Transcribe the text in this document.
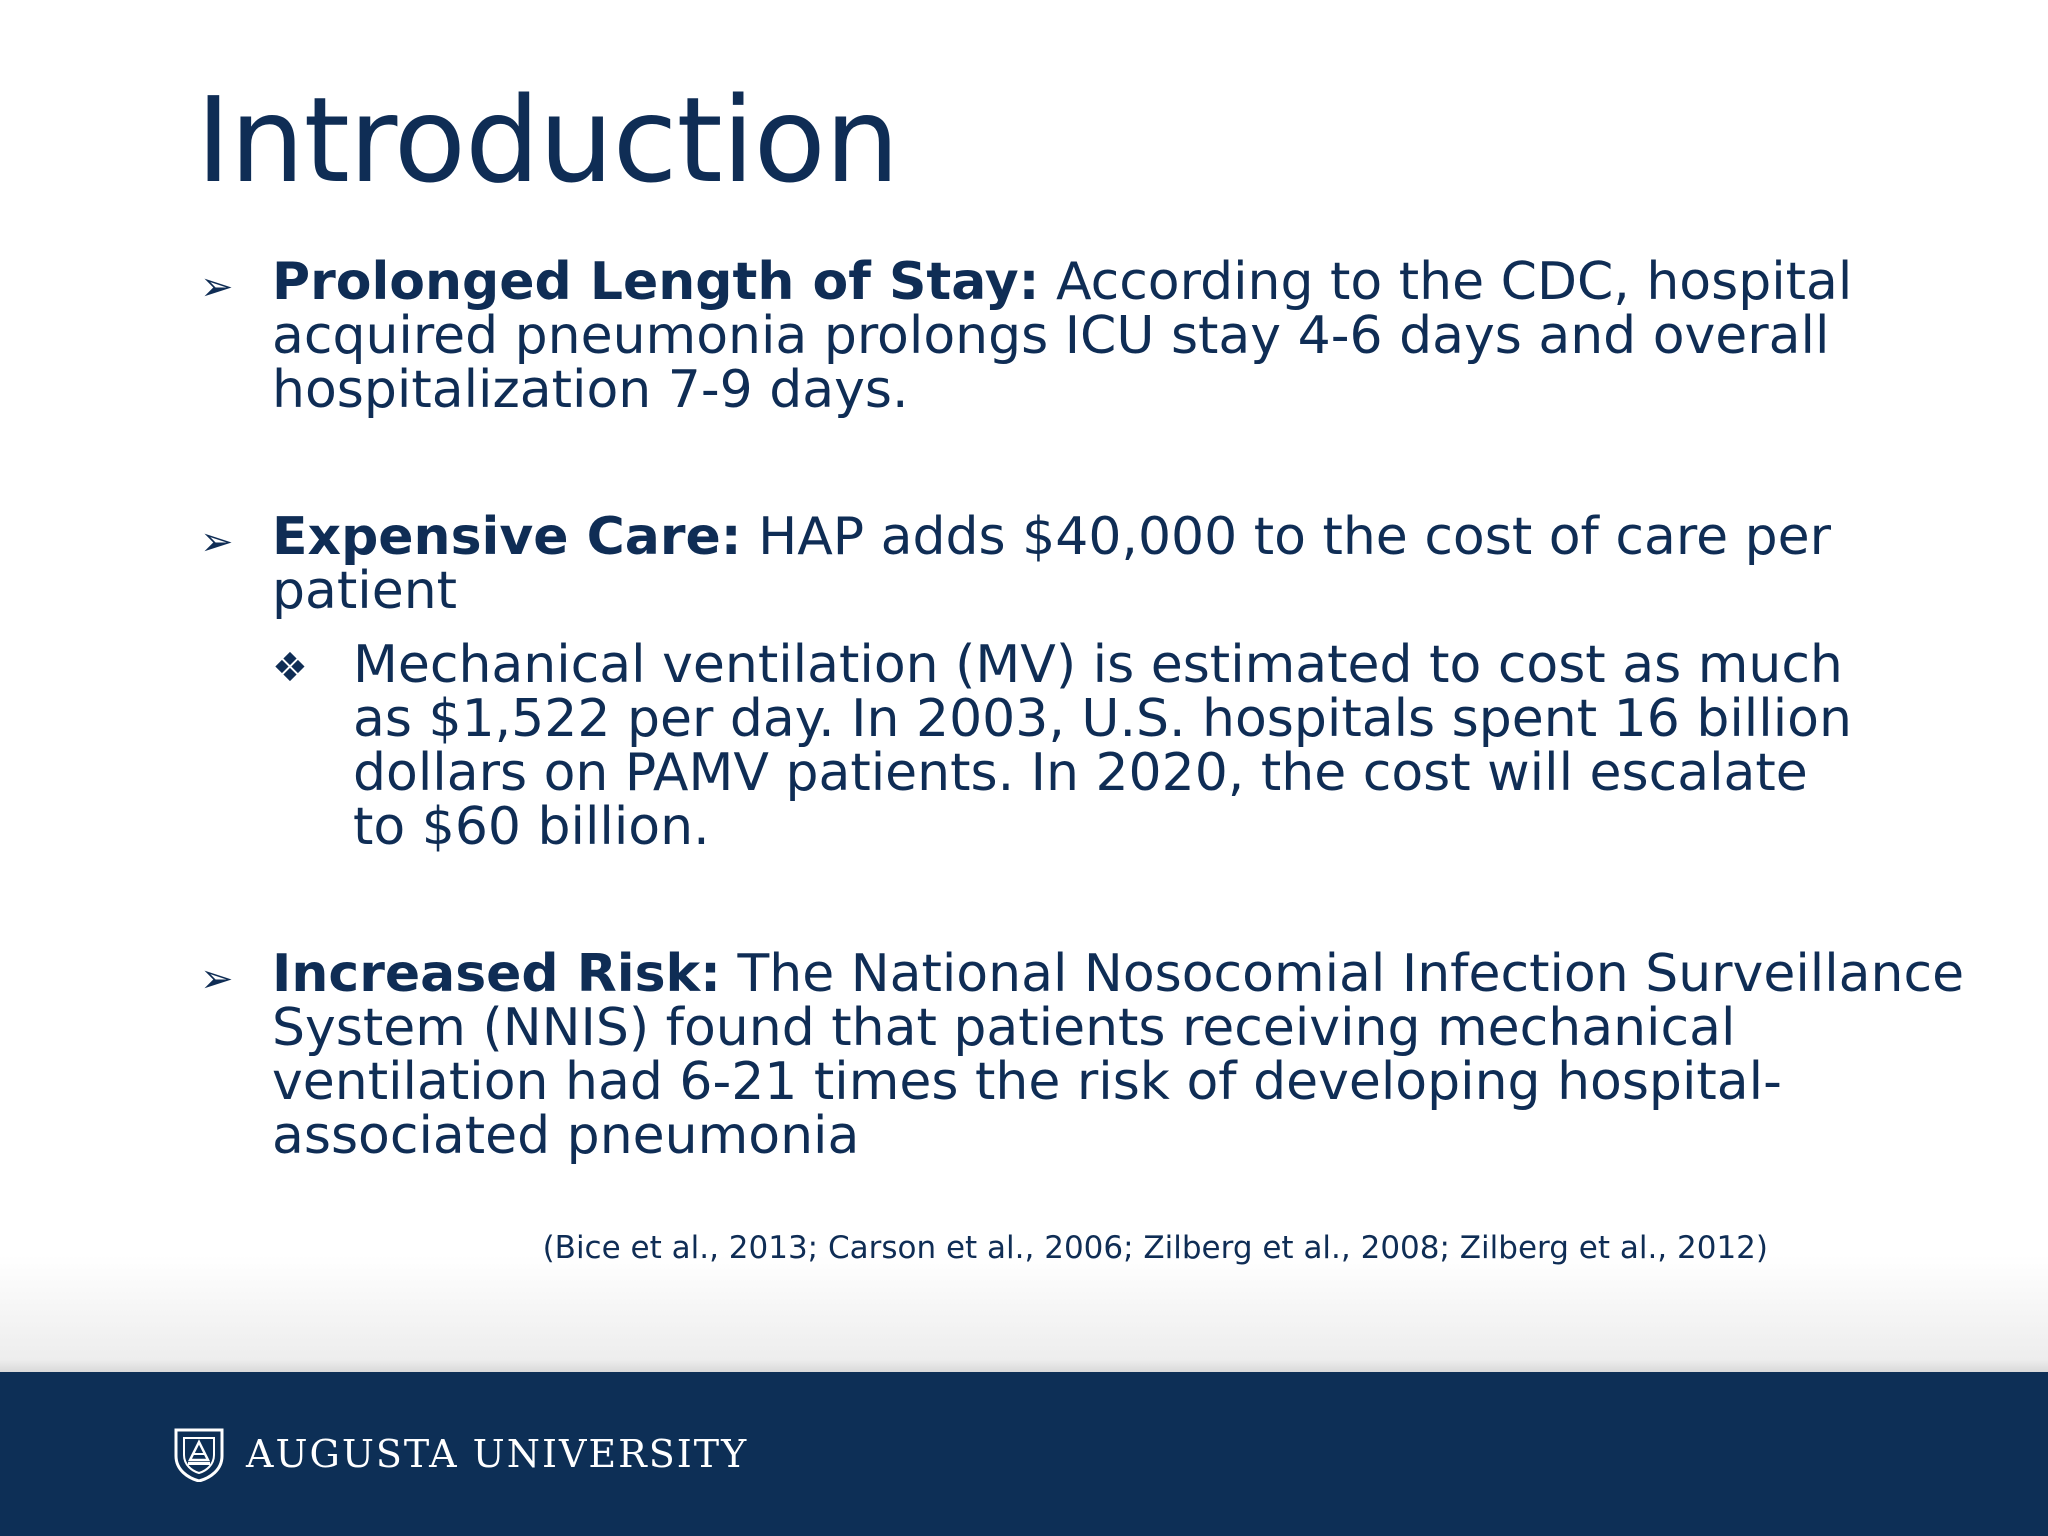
Introduction
➢ Prolonged Length of Stay: According to the CDC, hospital acquired pneumonia prolongs ICU stay 4-6 days and overall hospitalization 7-9 days.
➢ Expensive Care: HAP adds $40,000 to the cost of care per patient
❖ Mechanical ventilation (MV) is estimated to cost as much as $1,522 per day. In 2003, U.S. hospitals spent 16 billion dollars on PAMV patients. In 2020, the cost will escalate to $60 billion.
➢ Increased Risk: The National Nosocomial Infection Surveillance System (NNIS) found that patients receiving mechanical ventilation had 6-21 times the risk of developing hospital-associated pneumonia
(Bice et al., 2013; Carson et al., 2006; Zilberg et al., 2008; Zilberg et al., 2012)
AUGUSTA UNIVERSITY
